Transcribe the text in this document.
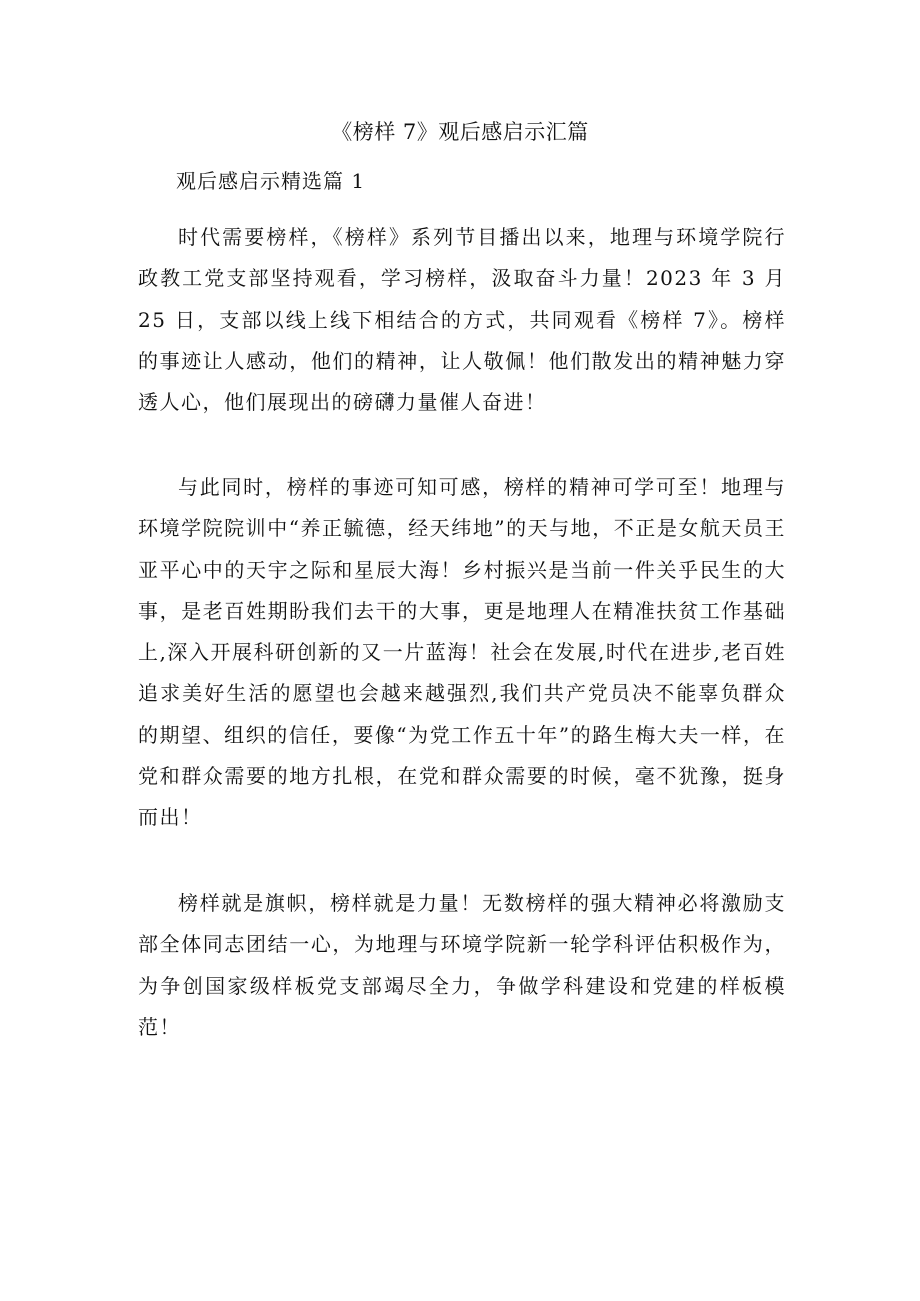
《榜样 7》观后感启示汇篇
观后感启示精选篇 1

时代需要榜样，《榜样》系列节目播出以来，地理与环境学院行政教工党支部坚持观看，学习榜样，汲取奋斗力量！2023 年 3 月 25 日，支部以线上线下相结合的方式，共同观看《榜样 7》。榜样的事迹让人感动，他们的精神，让人敬佩！他们散发出的精神魅力穿透人心，他们展现出的磅礴力量催人奋进！

与此同时，榜样的事迹可知可感，榜样的精神可学可至！地理与环境学院院训中“养正毓德，经天纬地”的天与地，不正是女航天员王亚平心中的天宇之际和星辰大海！乡村振兴是当前一件关乎民生的大事，是老百姓期盼我们去干的大事，更是地理人在精准扶贫工作基础上,深入开展科研创新的又一片蓝海！社会在发展,时代在进步,老百姓追求美好生活的愿望也会越来越强烈,我们共产党员决不能辜负群众的期望、组织的信任，要像“为党工作五十年”的路生梅大夫一样，在党和群众需要的地方扎根，在党和群众需要的时候，毫不犹豫，挺身而出！

榜样就是旗帜，榜样就是力量！无数榜样的强大精神必将激励支部全体同志团结一心，为地理与环境学院新一轮学科评估积极作为，为争创国家级样板党支部竭尽全力，争做学科建设和党建的样板模范！
